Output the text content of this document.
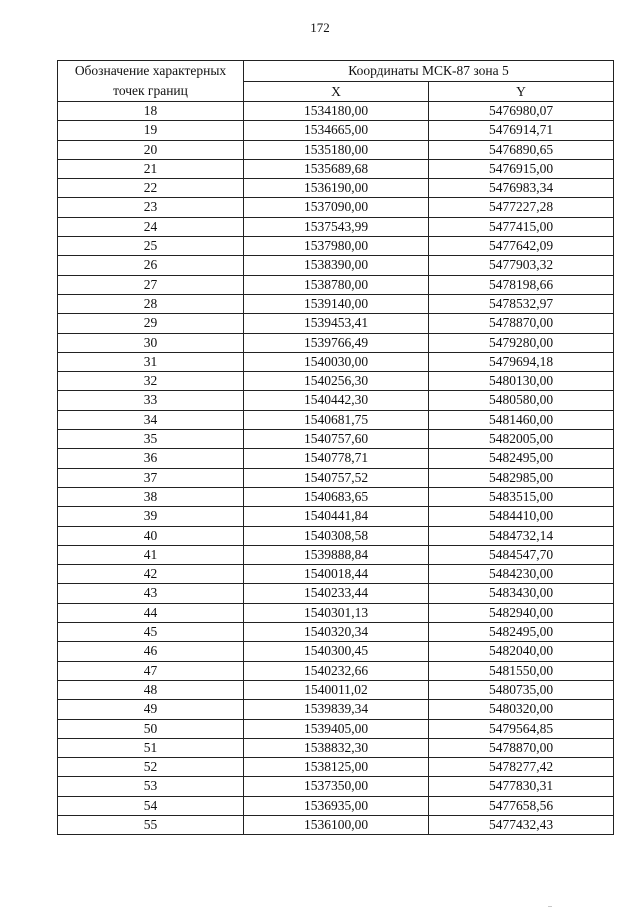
172
Обозначение характерных
точек границ	Координаты МСК-87 зона 5	
	X	Y
18	1534180,00	5476980,07
19	1534665,00	5476914,71
20	1535180,00	5476890,65
21	1535689,68	5476915,00
22	1536190,00	5476983,34
23	1537090,00	5477227,28
24	1537543,99	5477415,00
25	1537980,00	5477642,09
26	1538390,00	5477903,32
27	1538780,00	5478198,66
28	1539140,00	5478532,97
29	1539453,41	5478870,00
30	1539766,49	5479280,00
31	1540030,00	5479694,18
32	1540256,30	5480130,00
33	1540442,30	5480580,00
34	1540681,75	5481460,00
35	1540757,60	5482005,00
36	1540778,71	5482495,00
37	1540757,52	5482985,00
38	1540683,65	5483515,00
39	1540441,84	5484410,00
40	1540308,58	5484732,14
41	1539888,84	5484547,70
42	1540018,44	5484230,00
43	1540233,44	5483430,00
44	1540301,13	5482940,00
45	1540320,34	5482495,00
46	1540300,45	5482040,00
47	1540232,66	5481550,00
48	1540011,02	5480735,00
49	1539839,34	5480320,00
50	1539405,00	5479564,85
51	1538832,30	5478870,00
52	1538125,00	5478277,42
53	1537350,00	5477830,31
54	1536935,00	5477658,56
55	1536100,00	5477432,43
